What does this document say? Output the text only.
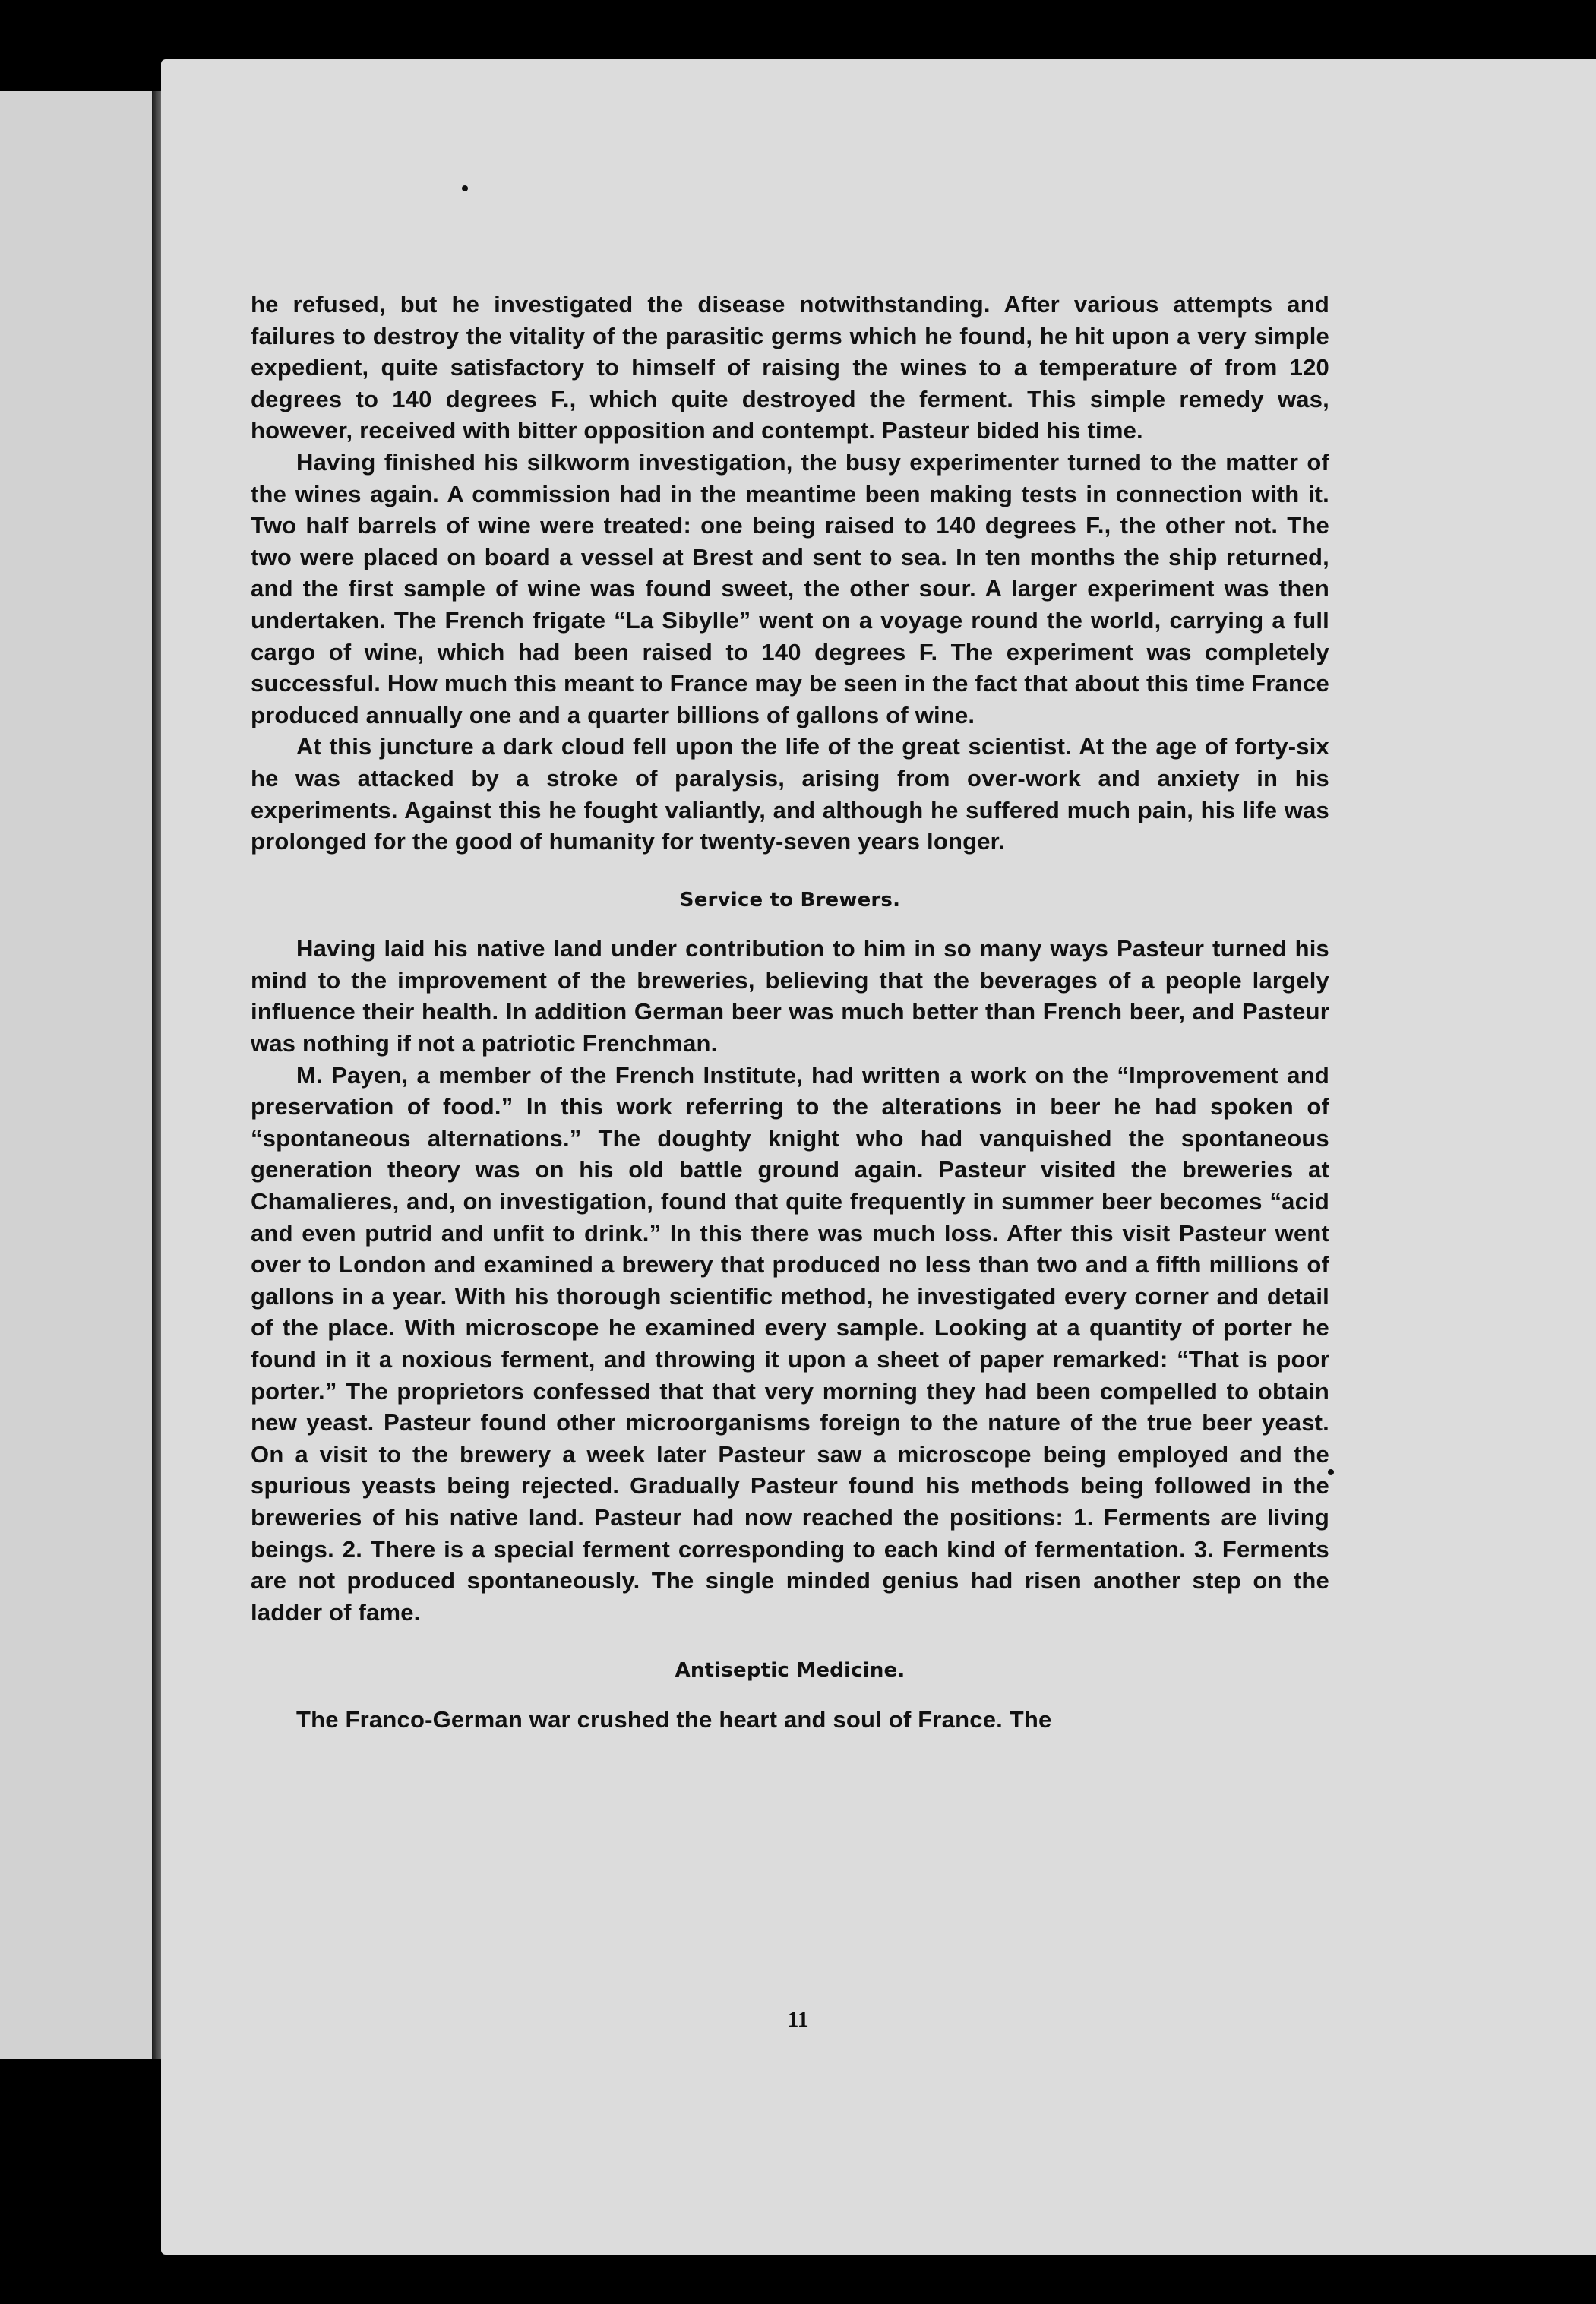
he refused, but he investigated the disease notwithstanding. After various attempts and failures to destroy the vitality of the parasitic germs which he found, he hit upon a very simple expedient, quite satisfactory to himself of raising the wines to a temperature of from 120 degrees to 140 degrees F., which quite destroyed the ferment. This simple remedy was, however, received with bitter opposition and contempt. Pasteur bided his time.

Having finished his silkworm investigation, the busy experimenter turned to the matter of the wines again. A commission had in the meantime been making tests in connection with it. Two half barrels of wine were treated: one being raised to 140 degrees F., the other not. The two were placed on board a vessel at Brest and sent to sea. In ten months the ship returned, and the first sample of wine was found sweet, the other sour. A larger experiment was then undertaken. The French frigate “La Sibylle” went on a voyage round the world, carrying a full cargo of wine, which had been raised to 140 degrees F. The experiment was completely successful. How much this meant to France may be seen in the fact that about this time France produced annually one and a quarter billions of gallons of wine.

At this juncture a dark cloud fell upon the life of the great scientist. At the age of forty-six he was attacked by a stroke of paralysis, arising from over-work and anxiety in his experiments. Against this he fought valiantly, and although he suffered much pain, his life was prolonged for the good of humanity for twenty-seven years longer.

Service to Brewers.

Having laid his native land under contribution to him in so many ways Pasteur turned his mind to the improvement of the breweries, believing that the beverages of a people largely influence their health. In addition German beer was much better than French beer, and Pasteur was nothing if not a patriotic Frenchman.

M. Payen, a member of the French Institute, had written a work on the “Improvement and preservation of food.” In this work referring to the alterations in beer he had spoken of “spontaneous alternations.” The doughty knight who had vanquished the spontaneous generation theory was on his old battle ground again. Pasteur visited the breweries at Chamalieres, and, on investigation, found that quite frequently in summer beer becomes “acid and even putrid and unfit to drink.” In this there was much loss. After this visit Pasteur went over to London and examined a brewery that produced no less than two and a fifth millions of gallons in a year. With his thorough scientific method, he investigated every corner and detail of the place. With microscope he examined every sample. Looking at a quantity of porter he found in it a noxious ferment, and throwing it upon a sheet of paper remarked: “That is poor porter.” The proprietors confessed that that very morning they had been compelled to obtain new yeast. Pasteur found other microorganisms foreign to the nature of the true beer yeast. On a visit to the brewery a week later Pasteur saw a microscope being employed and the spurious yeasts being rejected. Gradually Pasteur found his methods being followed in the breweries of his native land. Pasteur had now reached the positions: 1. Ferments are living beings. 2. There is a special ferment corresponding to each kind of fermentation. 3. Ferments are not produced spontaneously. The single minded genius had risen another step on the ladder of fame.

Antiseptic Medicine.

The Franco-German war crushed the heart and soul of France. The

11
